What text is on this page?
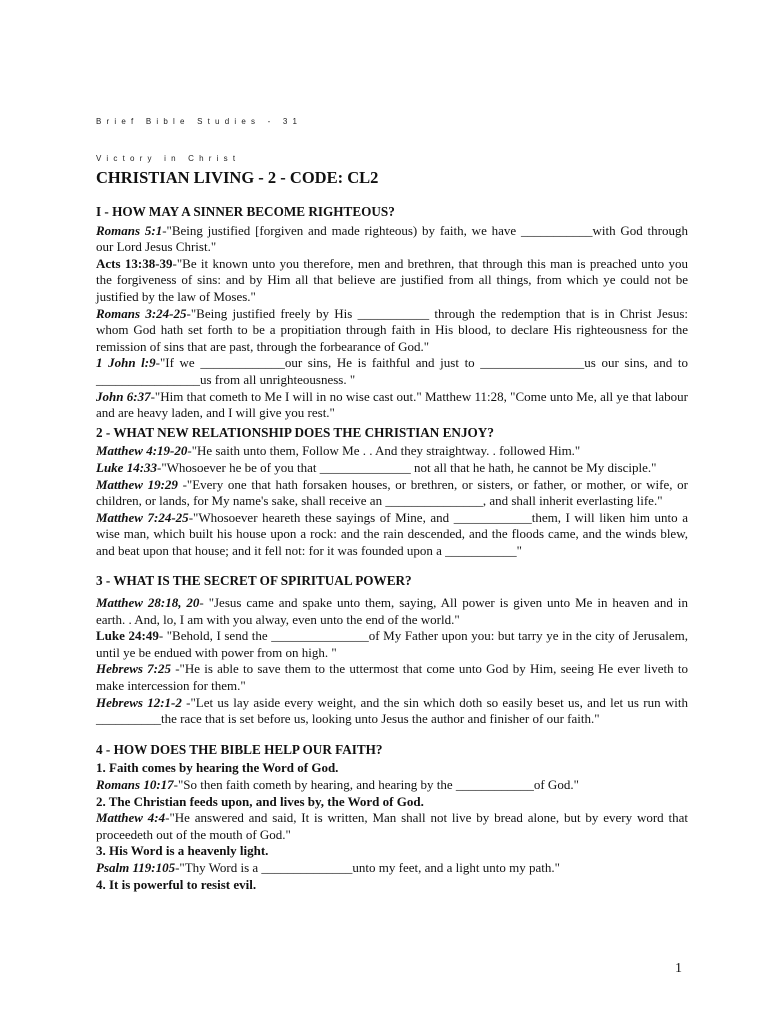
Brief Bible Studies - 31
Victory in Christ
CHRISTIAN LIVING - 2 - CODE: CL2
I - HOW MAY A SINNER BECOME RIGHTEOUS?

Romans 5:1-"Being justified [forgiven and made righteous) by faith, we have ___________with God through our Lord Jesus Christ."

Acts 13:38-39-"Be it known unto you therefore, men and brethren, that through this man is preached unto you the forgiveness of sins: and by Him all that believe are justified from all things, from which ye could not be justified by the law of Moses."

Romans 3:24-25-"Being justified freely by His ___________ through the redemption that is in Christ Jesus: whom God hath set forth to be a propitiation through faith in His blood, to declare His righteousness for the remission of sins that are past, through the forbearance of God."

1 John l:9-"If we _____________our sins, He is faithful and just to ________________us our sins, and to ________________us from all unrighteousness. "

John 6:37-"Him that cometh to Me I will in no wise cast out." Matthew 11:28, "Come unto Me, all ye that labour and are heavy laden, and I will give you rest."

2 - WHAT NEW RELATIONSHIP DOES THE CHRISTIAN ENJOY?

Matthew 4:19-20-"He saith unto them, Follow Me . . And they straightway. . followed Him."

Luke 14:33-"Whosoever he be of you that ______________ not all that he hath, he cannot be My disciple."

Matthew 19:29 -"Every one that hath forsaken houses, or brethren, or sisters, or father, or mother, or wife, or children, or lands, for My name's sake, shall receive an _______________, and shall inherit everlasting life."

Matthew 7:24-25-"Whosoever heareth these sayings of Mine, and ____________them, I will liken him unto a wise man, which built his house upon a rock: and the rain descended, and the floods came, and the winds blew, and beat upon that house; and it fell not: for it was founded upon a ___________"

3 - WHAT IS THE SECRET OF SPIRITUAL POWER?

Matthew 28:18, 20- "Jesus came and spake unto them, saying, All power is given unto Me in heaven and in earth. . And, lo, I am with you alway, even unto the end of the world."

Luke 24:49- "Behold, I send the _______________of My Father upon you: but tarry ye in the city of Jerusalem, until ye be endued with power from on high. "

Hebrews 7:25 -"He is able to save them to the uttermost that come unto God by Him, seeing He ever liveth to make intercession for them."

Hebrews 12:1-2 -"Let us lay aside every weight, and the sin which doth so easily beset us, and let us run with __________the race that is set before us, looking unto Jesus the author and finisher of our faith."

4 - HOW DOES THE BIBLE HELP OUR FAITH?

1. Faith comes by hearing the Word of God.

Romans 10:17-"So then faith cometh by hearing, and hearing by the ____________of God."

2. The Christian feeds upon, and lives by, the Word of God.

Matthew 4:4-"He answered and said, It is written, Man shall not live by bread alone, but by every word that proceedeth out of the mouth of God."

3. His Word is a heavenly light.

Psalm 119:105-"Thy Word is a ______________unto my feet, and a light unto my path."

4. It is powerful to resist evil.

1
